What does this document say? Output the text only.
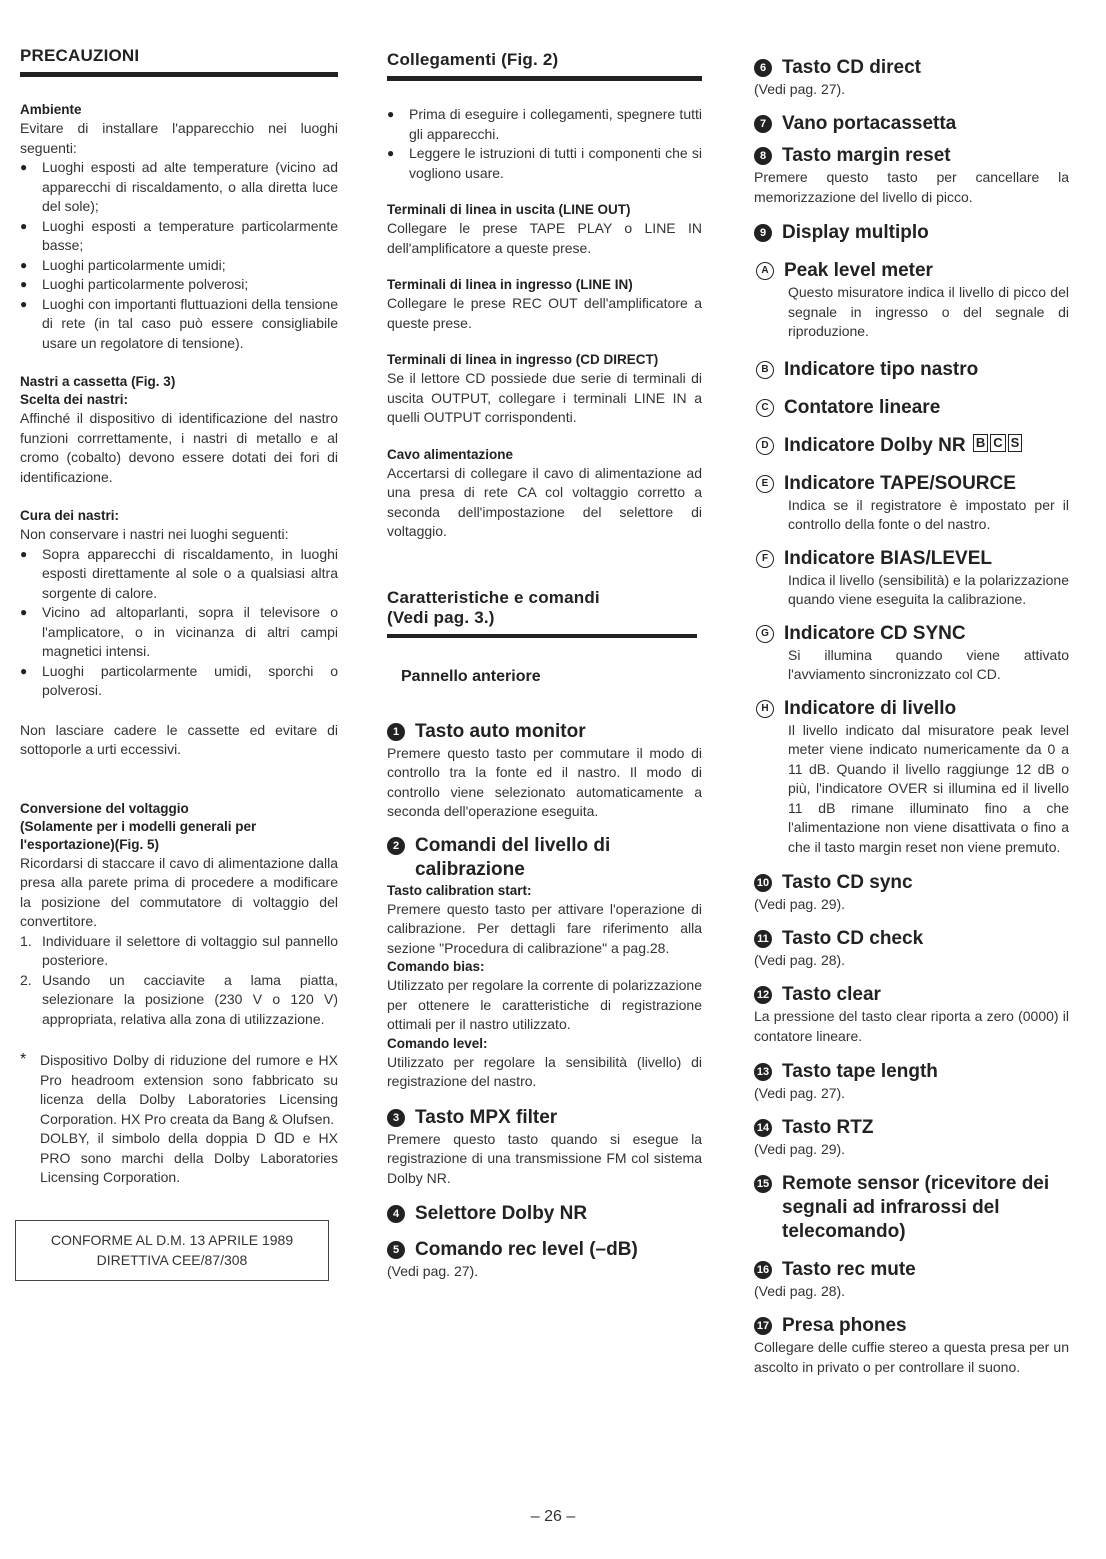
PRECAUZIONI
Ambiente

Evitare di installare l'apparecchio nei luoghi seguenti:

● Luoghi esposti ad alte temperature (vicino ad apparecchi di riscaldamento, o alla diretta luce del sole);
● Luoghi esposti a temperature particolarmente basse;
● Luoghi particolarmente umidi;
● Luoghi particolarmente polverosi;
● Luoghi con importanti fluttuazioni della tensione di rete (in tal caso può essere consigliabile usare un regolatore di tensione).
Nastri a cassetta (Fig. 3)
Scelta dei nastri:

Affinché il dispositivo di identificazione del nastro funzioni corrrettamente, i nastri di metallo e al cromo (cobalto) devono essere dotati dei fori di identificazione.

Cura dei nastri:

Non conservare i nastri nei luoghi seguenti:

● Sopra apparecchi di riscaldamento, in luoghi esposti direttamente al sole o a qualsiasi altra sorgente di calore.
● Vicino ad altoparlanti, sopra il televisore o l'amplicatore, o in vicinanza di altri campi magnetici intensi.
● Luoghi particolarmente umidi, sporchi o polverosi.

Non lasciare cadere le cassette ed evitare di sottoporle a urti eccessivi.

Conversione del voltaggio
(Solamente per i modelli generali per l'esportazione)(Fig. 5)

Ricordarsi di staccare il cavo di alimentazione dalla presa alla parete prima di procedere a modificare la posizione del commutatore di voltaggio del convertitore.

1. Individuare il selettore di voltaggio sul pannello posteriore.
2. Usando un cacciavite a lama piatta, selezionare la posizione (230 V o 120 V) appropriata, relativa alla zona di utilizzazione.
* Dispositivo Dolby di riduzione del rumore e HX Pro headroom extension sono fabbricato su licenza della Dolby Laboratories Licensing Corporation. HX Pro creata da Bang & Olufsen.

DOLBY, il simbolo della doppia D ᗡD e HX PRO sono marchi della Dolby Laboratories Licensing Corporation.

CONFORME AL D.M. 13 APRILE 1989

DIRETTIVA CEE/87/308

Collegamenti (Fig. 2)
● Prima di eseguire i collegamenti, spegnere tutti gli apparecchi.
● Leggere le istruzioni di tutti i componenti che si vogliono usare.
Terminali di linea in uscita (LINE OUT)

Collegare le prese TAPE PLAY o LINE IN dell'amplificatore a queste prese.

Terminali di linea in ingresso (LINE IN)

Collegare le prese REC OUT dell'amplificatore a queste prese.

Terminali di linea in ingresso (CD DIRECT)

Se il lettore CD possiede due serie di terminali di uscita OUTPUT, collegare i terminali LINE IN a quelli OUTPUT corrispondenti.

Cavo alimentazione

Accertarsi di collegare il cavo di alimentazione ad una presa di rete CA col voltaggio corretto a seconda dell'impostazione del selettore di voltaggio.

Caratteristiche e comandi
(Vedi pag. 3.)
Pannello anteriore
1 Tasto auto monitor

Premere questo tasto per commutare il modo di controllo tra la fonte ed il nastro. Il modo di controllo viene selezionato automaticamente a seconda dell'operazione eseguita.

2 Comandi del livello di calibrazione
Tasto calibration start:

Premere questo tasto per attivare l'operazione di calibrazione. Per dettagli fare riferimento alla sezione "Procedura di calibrazione" a pag.28.

Comando bias:

Utilizzato per regolare la corrente di polarizzazione per ottenere le caratteristiche di registrazione ottimali per il nastro utilizzato.

Comando level:

Utilizzato per regolare la sensibilità (livello) di registrazione del nastro.

3 Tasto MPX filter

Premere questo tasto quando si esegue la registrazione di una transmissione FM col sistema Dolby NR.

4 Selettore Dolby NR
5 Comando rec level (–dB)
(Vedi pag. 27).
6 Tasto CD direct
(Vedi pag. 27).
7 Vano portacassetta
8 Tasto margin reset

Premere questo tasto per cancellare la memorizzazione del livello di picco.

9 Display multiplo
A Peak level meter

Questo misuratore indica il livello di picco del segnale in ingresso o del segnale di riproduzione.

B Indicatore tipo nastro
C Contatore lineare
D Indicatore Dolby NR
B C S
E Indicatore TAPE/SOURCE

Indica se il registratore è impostato per il controllo della fonte o del nastro.

F Indicatore BIAS/LEVEL

Indica il livello (sensibilità) e la polarizzazione quando viene eseguita la calibrazione.

G Indicatore CD SYNC

Si illumina quando viene attivato l'avviamento sincronizzato col CD.

H Indicatore di livello

Il livello indicato dal misuratore peak level meter viene indicato numericamente da 0 a 11 dB. Quando il livello raggiunge 12 dB o più, l'indicatore OVER si illumina ed il livello 11 dB rimane illuminato fino a che l'alimentazione non viene disattivata o fino a che il tasto margin reset non viene premuto.

10 Tasto CD sync
(Vedi pag. 29).
11 Tasto CD check
(Vedi pag. 28).
12 Tasto clear

La pressione del tasto clear riporta a zero (0000) il contatore lineare.

13 Tasto tape length
(Vedi pag. 27).
14 Tasto RTZ
(Vedi pag. 29).
15 Remote sensor (ricevitore dei segnali ad infrarossi del telecomando)
16 Tasto rec mute
(Vedi pag. 28).
17 Presa phones

Collegare delle cuffie stereo a questa presa per un ascolto in privato o per controllare il suono.

– 26 –
